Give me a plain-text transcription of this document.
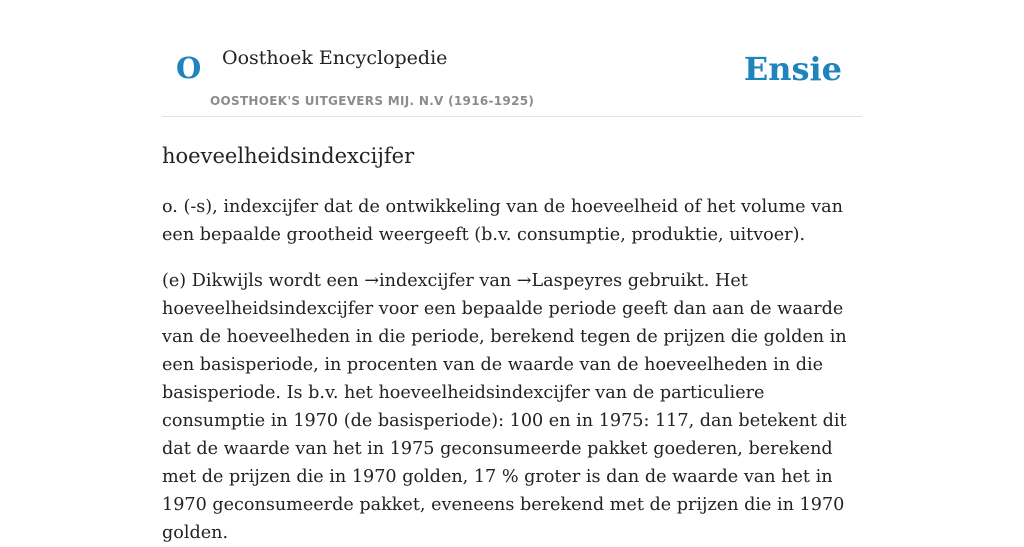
O Oosthoek Encyclopedie
OOSTHOEK'S UITGEVERS MIJ. N.V (1916-1925)
Ensie
hoeveelheidsindexcijfer

o. (-s), indexcijfer dat de ontwikkeling van de hoeveelheid of het volume van een bepaalde grootheid weergeeft (b.v. consumptie, produktie, uitvoer).

(e) Dikwijls wordt een →indexcijfer van →Laspeyres gebruikt. Het hoeveelheidsindexcijfer voor een bepaalde periode geeft dan aan de waarde van de hoeveelheden in die periode, berekend tegen de prijzen die golden in een basisperiode, in procenten van de waarde van de hoeveelheden in die basisperiode. Is b.v. het hoeveelheidsindexcijfer van de particuliere consumptie in 1970 (de basisperiode): 100 en in 1975: 117, dan betekent dit dat de waarde van het in 1975 geconsumeerde pakket goederen, berekend met de prijzen die in 1970 golden, 17 % groter is dan de waarde van het in 1970 geconsumeerde pakket, eveneens berekend met de prijzen die in 1970 golden.
